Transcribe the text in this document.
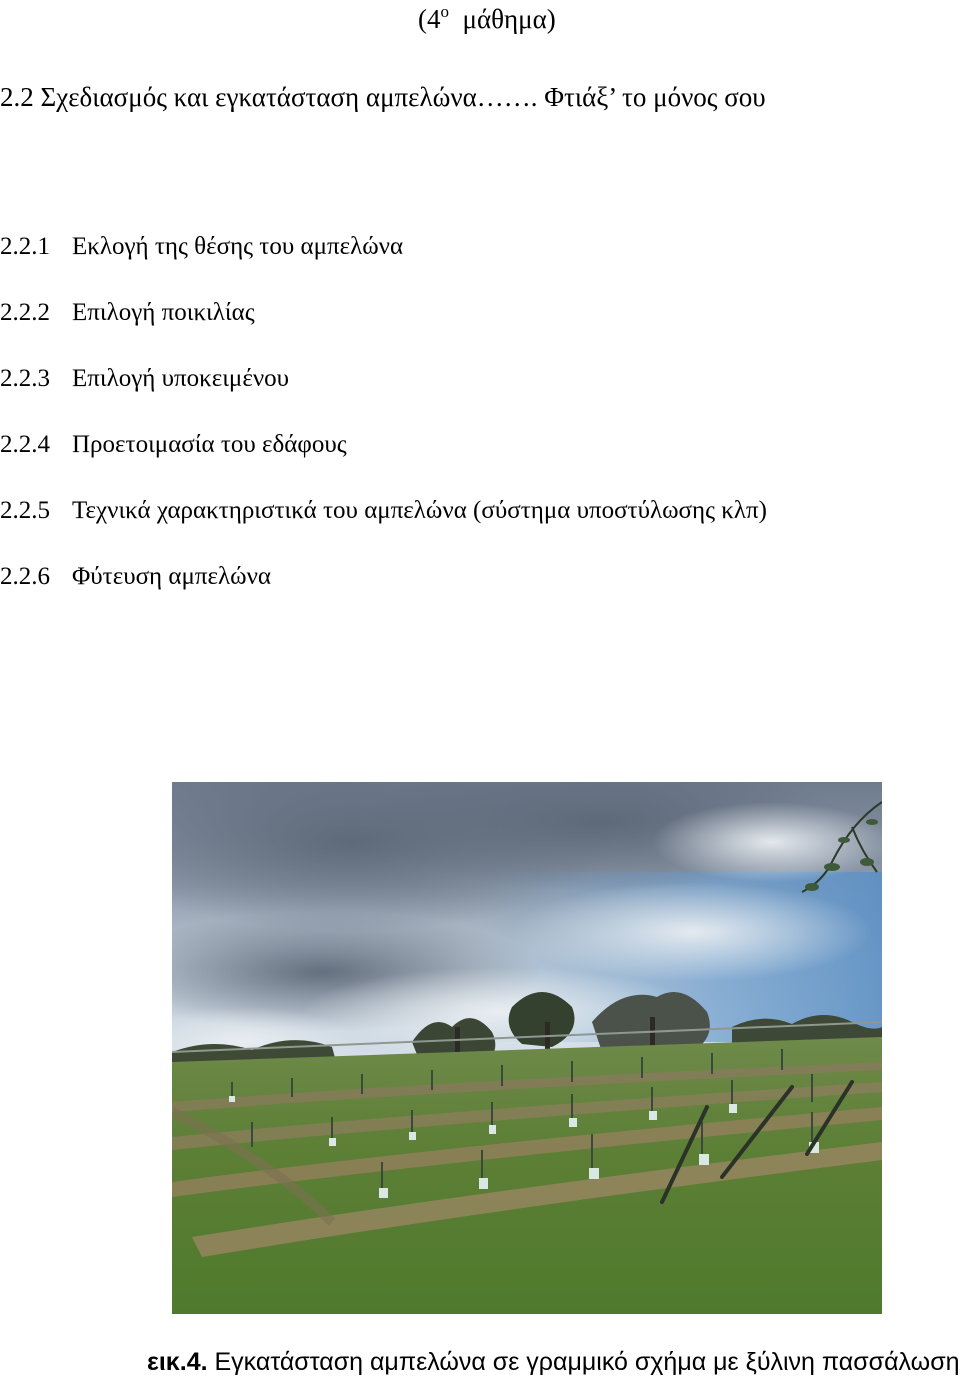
($4^o$ μάθημα)
2.2 Σχεδιασμός και εγκατάσταση αμπελώνα……. Φτιάξ’ το μόνος σου
2.2.1 Εκλογή της θέσης του αμπελώνα
2.2.2 Επιλογή ποικιλίας
2.2.3 Επιλογή υποκειμένου
2.2.4 Προετοιμασία του εδάφους
2.2.5 Τεχνικά χαρακτηριστικά του αμπελώνα (σύστημα υποστύλωσης κλπ)
2.2.6 Φύτευση αμπελώνα
εικ.4. Εγκατάσταση αμπελώνα σε γραμμικό σχήμα με ξύλινη πασσάλωση
